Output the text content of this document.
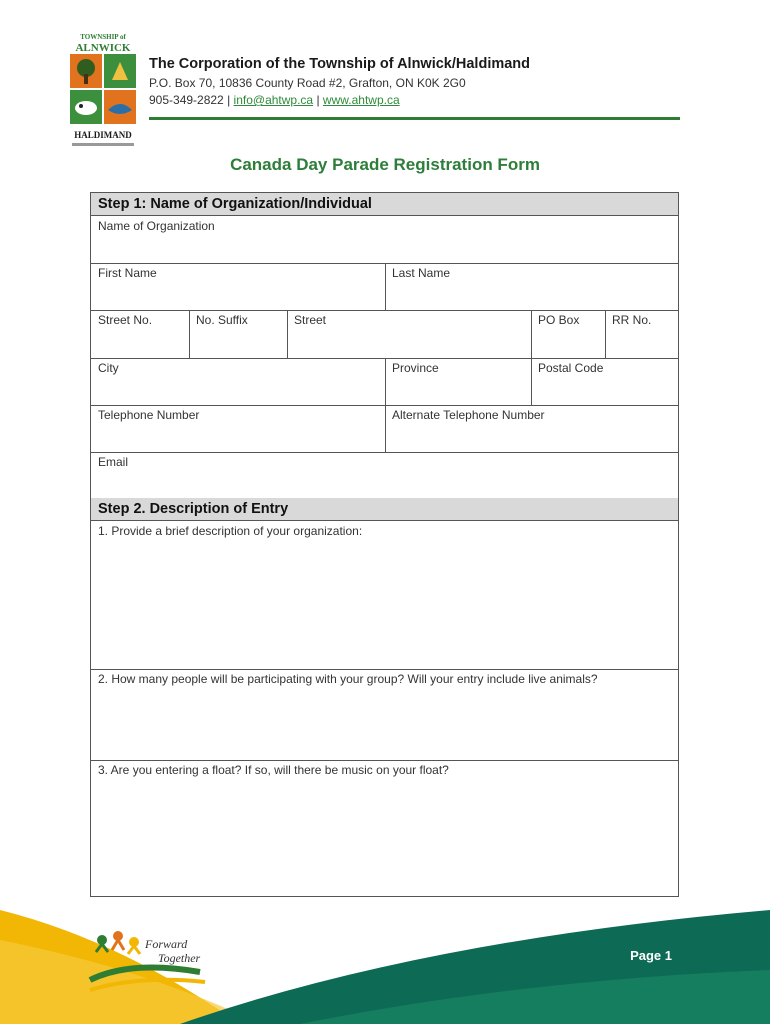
TOWNSHIP of
ALNWICK
HALDIMAND
The Corporation of the Township of Alnwick/Haldimand
P.O. Box 70, 10836 County Road #2, Grafton, ON K0K 2G0
905-349-2822 | info@ahtwp.ca | www.ahtwp.ca
Canada Day Parade Registration Form
Step 1: Name of Organization/Individual
Name of Organization
First Name	Last Name
Street No.	No. Suffix	Street	PO Box	RR No.
City	Province	Postal Code
Telephone Number	Alternate Telephone Number
Email
Step 2. Description of Entry
1. Provide a brief description of your organization:
2. How many people will be participating with your group? Will your entry include live animals?
3. Are you entering a float? If so, will there be music on your float?
Forward
Together	Page 1
